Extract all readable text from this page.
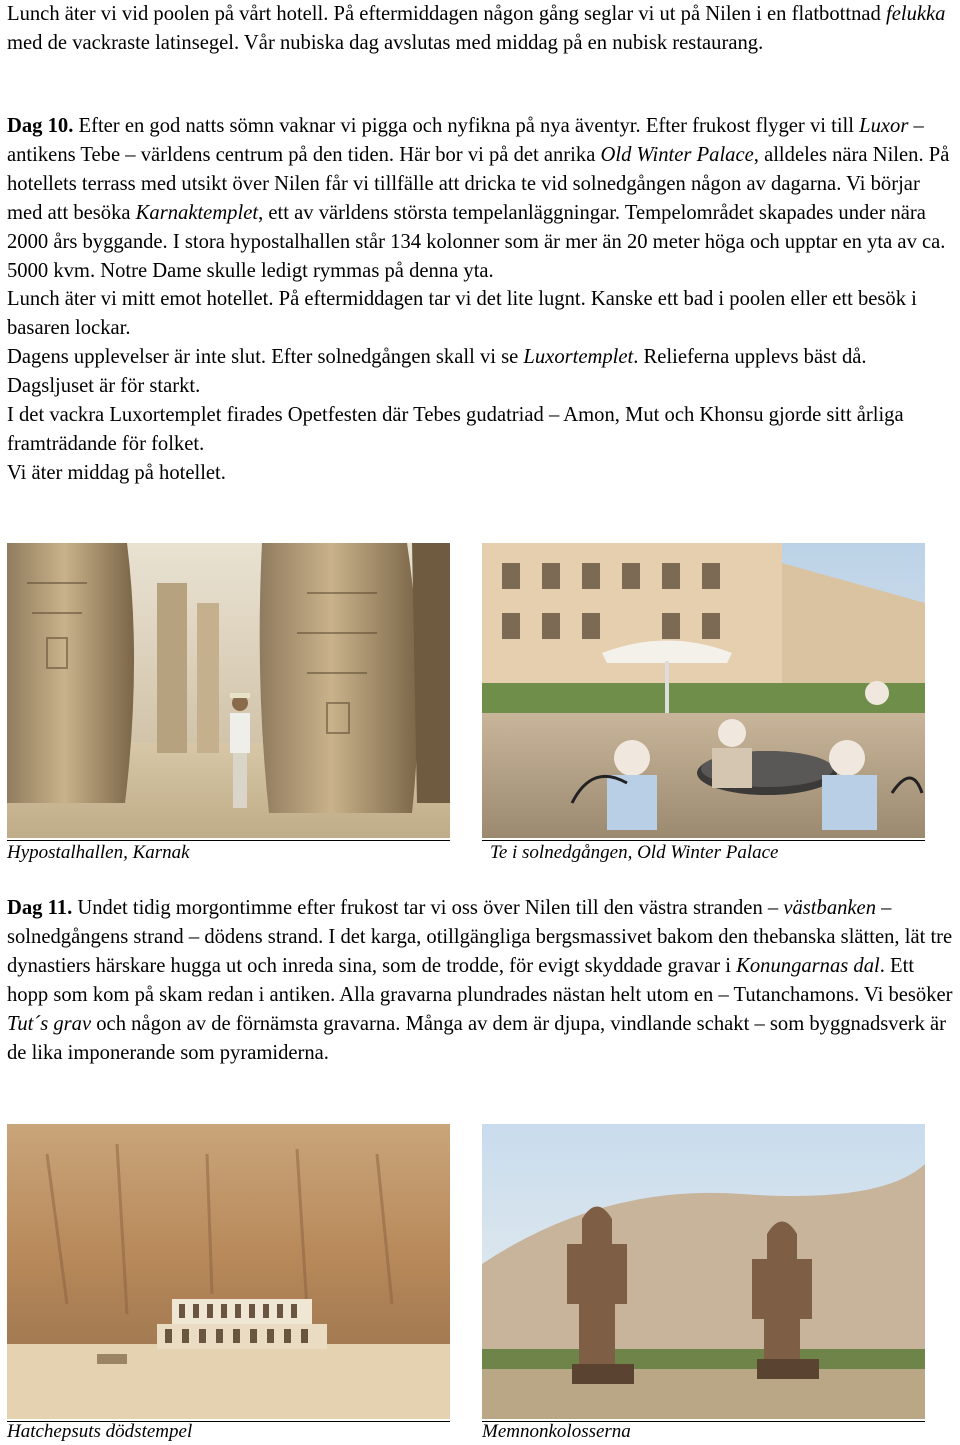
Lunch äter vi vid poolen på vårt hotell. På eftermiddagen någon gång seglar vi ut på Nilen i en flatbottnad felukka med de vackraste latinsegel. Vår nubiska dag avslutas med middag på en nubisk restaurang.

Dag 10. Efter en god natts sömn vaknar vi pigga och nyfikna på nya äventyr. Efter frukost flyger vi till Luxor – antikens Tebe – världens centrum på den tiden. Här bor vi på det anrika Old Winter Palace, alldeles nära Nilen. På hotellets terrass med utsikt över Nilen får vi tillfälle att dricka te vid solnedgången någon av dagarna. Vi börjar med att besöka Karnaktemplet, ett av världens största tempelanläggningar. Tempelområdet skapades under nära 2000 års byggande. I stora hypostalhallen står 134 kolonner som är mer än 20 meter höga och upptar en yta av ca. 5000 kvm. Notre Dame skulle ledigt rymmas på denna yta.
Lunch äter vi mitt emot hotellet. På eftermiddagen tar vi det lite lugnt. Kanske ett bad i poolen eller ett besök i basaren lockar.
Dagens upplevelser är inte slut. Efter solnedgången skall vi se Luxortemplet. Relieferna upplevs bäst då. Dagsljuset är för starkt.
I det vackra Luxortemplet firades Opetfesten där Tebes gudatriad – Amon, Mut och Khonsu gjorde sitt årliga framträdande för folket.
Vi äter middag på hotellet.

Hypostalhallen, Karnak	Te i solnedgången, Old Winter Palace

Dag 11. Undet tidig morgontimme efter frukost tar vi oss över Nilen till den västra stranden – västbanken – solnedgångens strand – dödens strand. I det karga, otillgängliga bergsmassivet bakom den thebanska slätten, lät tre dynastiers härskare hugga ut och inreda sina, som de trodde, för evigt skyddade gravar i Konungarnas dal. Ett hopp som kom på skam redan i antiken. Alla gravarna plundrades nästan helt utom en – Tutanchamons. Vi besöker Tut´s grav och någon av de förnämsta gravarna. Många av dem är djupa, vindlande schakt – som byggnadsverk är de lika imponerande som pyramiderna.

Hatchepsuts dödstempel	Memnonkolosserna
